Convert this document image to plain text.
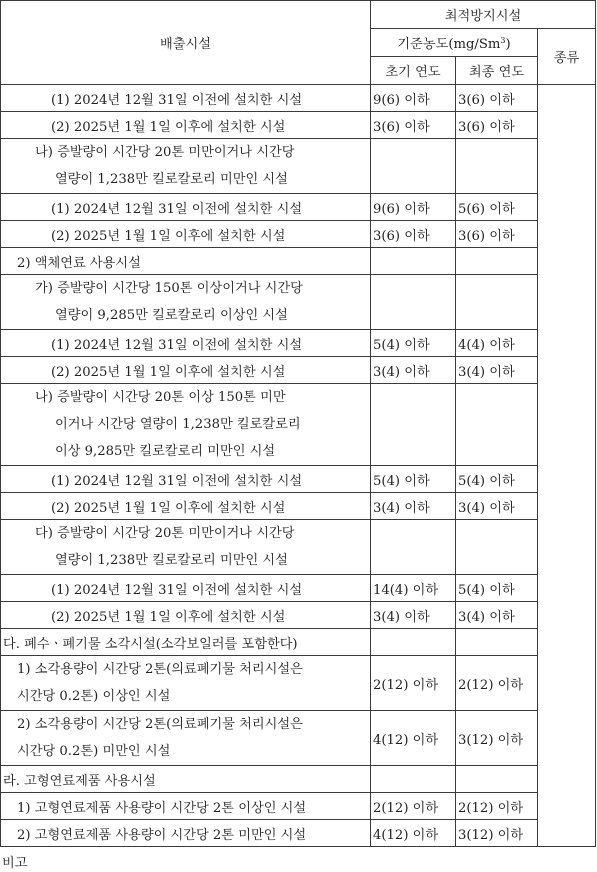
배출시설	최적방지시설		
	기준농도(mg/Sm$^3$)		종류
	초기 연도	최종 연도	
(1) 2024년 12월 31일 이전에 설치한 시설	9(6) 이하	3(6) 이하	
(2) 2025년 1월 1일 이후에 설치한 시설	3(6) 이하	3(6) 이하	

나) 증발량이 시간당 20톤 미만이거나 시간당
열량이 1,238만 킬로칼로리 미만인 시설			

(1) 2024년 12월 31일 이전에 설치한 시설	9(6) 이하	5(6) 이하	
(2) 2025년 1월 1일 이후에 설치한 시설	3(6) 이하	3(6) 이하	
2) 액체연료 사용시설			

가) 증발량이 시간당 150톤 이상이거나 시간당
열량이 9,285만 킬로칼로리 이상인 시설			

(1) 2024년 12월 31일 이전에 설치한 시설	5(4) 이하	4(4) 이하	
(2) 2025년 1월 1일 이후에 설치한 시설	3(4) 이하	3(4) 이하	

나) 증발량이 시간당 20톤 이상 150톤 미만
이거나 시간당 열량이 1,238만 킬로칼로리
이상 9,285만 킬로칼로리 미만인 시설			

(1) 2024년 12월 31일 이전에 설치한 시설	5(4) 이하	5(4) 이하	
(2) 2025년 1월 1일 이후에 설치한 시설	3(4) 이하	3(4) 이하	

다) 증발량이 시간당 20톤 미만이거나 시간당
열량이 1,238만 킬로칼로리 미만인 시설			

(1) 2024년 12월 31일 이전에 설치한 시설	14(4) 이하	5(4) 이하	
(2) 2025년 1월 1일 이후에 설치한 시설	3(4) 이하	3(4) 이하	
다. 폐수ㆍ폐기물 소각시설(소각보일러를 포함한다)			

1) 소각용량이 시간당 2톤(의료폐기물 처리시설은
시간당 0.2톤) 이상인 시설	2(12) 이하	2(12) 이하	

2) 소각용량이 시간당 2톤(의료폐기물 처리시설은
시간당 0.2톤) 미만인 시설	4(12) 이하	3(12) 이하	
라. 고형연료제품 사용시설			
1) 고형연료제품 사용량이 시간당 2톤 이상인 시설	2(12) 이하	2(12) 이하	
2) 고형연료제품 사용량이 시간당 2톤 미만인 시설	4(12) 이하	3(12) 이하	
비고
